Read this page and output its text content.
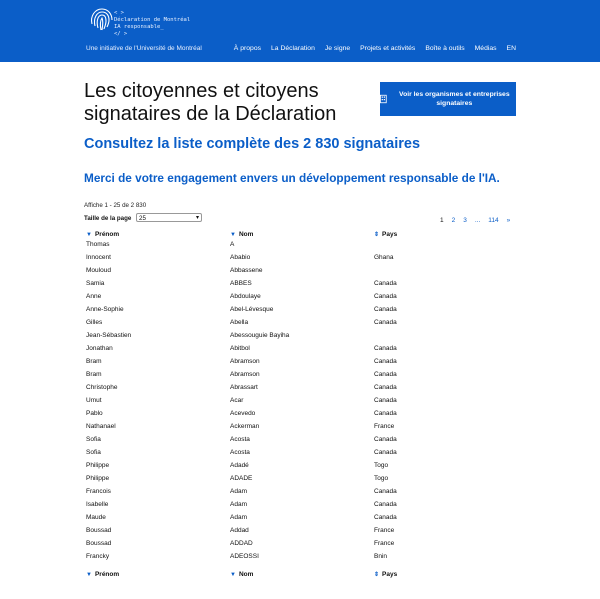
< >
Déclaration de Montréal
IA responsable_
</ >
Une initiative de l'Université de Montréal	À propos La Déclaration Je signe Projets et activités Boîte à outils Médias EN
Les citoyennes et citoyens signataires de la Déclaration
Voir les organismes et entreprises signataires
Consultez la liste complète des 2 830 signataires
Merci de votre engagement envers un développement responsable de l'IA.
Affiche 1 - 25 de 2 830
Taille de la page	25	▾	1 2 3 ... 114 »
▼ Prénom	▼ Nom	⇕ Pays
Thomas	A
Innocent	Ababio	Ghana
Mouloud	Abbassene
Samia	ABBES	Canada
Anne	Abdoulaye	Canada
Anne-Sophie	Abel-Lévesque	Canada
Gilles	Abella	Canada
Jean-Sébastien	Abessouguie Bayiha
Jonathan	Abitbol	Canada
Bram	Abramson	Canada
Bram	Abramson	Canada
Christophe	Abrassart	Canada
Umut	Acar	Canada
Pablo	Acevedo	Canada
Nathanael	Ackerman	France
Sofia	Acosta	Canada
Sofia	Acosta	Canada
Philippe	Adadé	Togo
Philippe	ADADE	Togo
Francois	Adam	Canada
Isabelle	Adam	Canada
Maude	Adam	Canada
Boussad	Addad	France
Boussad	ADDAD	France
Francky	ADEOSSI	Bnin
▼ Prénom	▼ Nom	⇕ Pays
